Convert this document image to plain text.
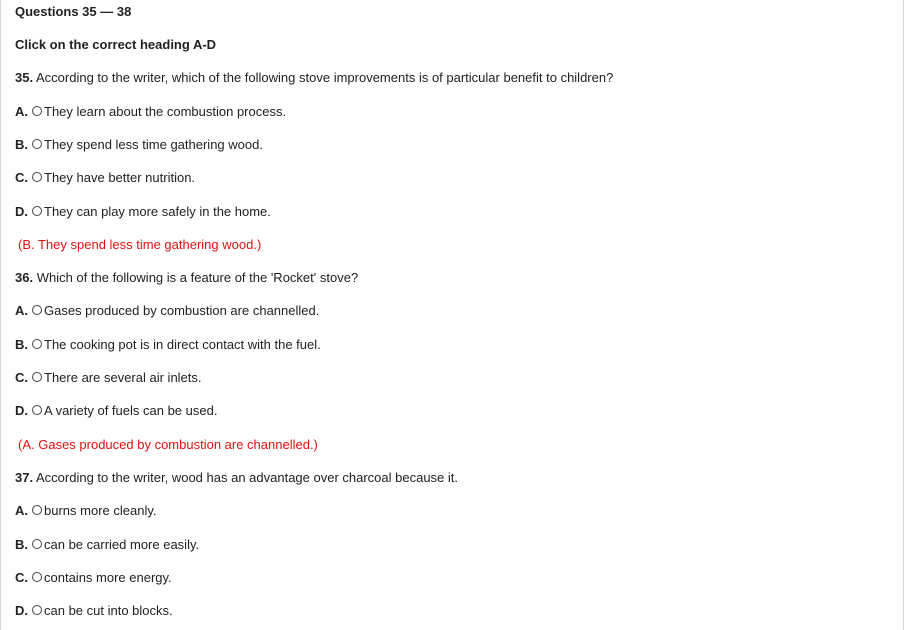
Questions 35 — 38
Click on the correct heading A-D
35. According to the writer, which of the following stove improvements is of particular benefit to children?
A. They learn about the combustion process.
B. They spend less time gathering wood.
C. They have better nutrition.
D. They can play more safely in the home.
(B. They spend less time gathering wood.)
36. Which of the following is a feature of the 'Rocket' stove?
A. Gases produced by combustion are channelled.
B. The cooking pot is in direct contact with the fuel.
C. There are several air inlets.
D. A variety of fuels can be used.
(A. Gases produced by combustion are channelled.)
37. According to the writer, wood has an advantage over charcoal because it.
A. burns more cleanly.
B. can be carried more easily.
C. contains more energy.
D. can be cut into blocks.
